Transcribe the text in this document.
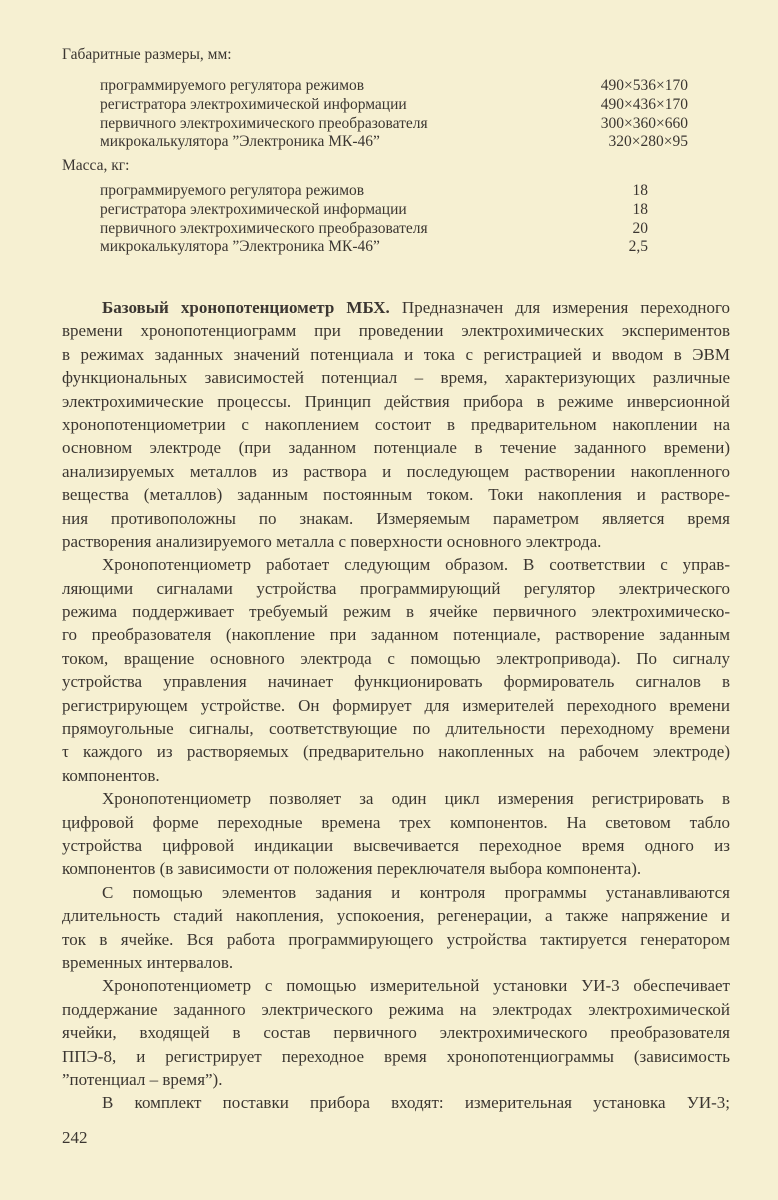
Габаритные размеры, мм:
Масса, кг:
программируемого регулятора режимов	490×536×170
регистратора электрохимической информации	490×436×170
первичного электрохимического преобразователя	300×360×660
микрокалькулятора ”Электроника МК-46”	320×280×95
программируемого регулятора режимов	18
регистратора электрохимической информации	18
первичного электрохимического преобразователя	20
микрокалькулятора ”Электроника МК-46”	2,5
Базовый хронопотенциометр МБХ. Предназначен для измерения переходного
времени хронопотенциограмм при проведении электрохимических экспериментов
в режимах заданных значений потенциала и тока с регистрацией и вводом в ЭВМ
функциональных зависимостей потенциал – время, характеризующих различные
электрохимические процессы. Принцип действия прибора в режиме инверсионной
хронопотенциометрии с накоплением состоит в предварительном накоплении на
основном электроде (при заданном потенциале в течение заданного времени)
анализируемых металлов из раствора и последующем растворении накопленного
вещества (металлов) заданным постоянным током. Токи накопления и растворе-
ния противоположны по знакам. Измеряемым параметром является время
растворения анализируемого металла с поверхности основного электрода.
Хронопотенциометр работает следующим образом. В соответствии с управ-
ляющими сигналами устройства программирующий регулятор электрического
режима поддерживает требуемый режим в ячейке первичного электрохимическо-
го преобразователя (накопление при заданном потенциале, растворение заданным
током, вращение основного электрода с помощью электропривода). По сигналу
устройства управления начинает функционировать формирователь сигналов в
регистрирующем устройстве. Он формирует для измерителей переходного времени
прямоугольные сигналы, соответствующие по длительности переходному времени
τ каждого из растворяемых (предварительно накопленных на рабочем электроде)
компонентов.
Хронопотенциометр позволяет за один цикл измерения регистрировать в
цифровой форме переходные времена трех компонентов. На световом табло
устройства цифровой индикации высвечивается переходное время одного из
компонентов (в зависимости от положения переключателя выбора компонента).
С помощью элементов задания и контроля программы устанавливаются
длительность стадий накопления, успокоения, регенерации, а также напряжение и
ток в ячейке. Вся работа программирующего устройства тактируется генератором
временных интервалов.
Хронопотенциометр с помощью измерительной установки УИ-3 обеспечивает
поддержание заданного электрического режима на электродах электрохимической
ячейки, входящей в состав первичного электрохимического преобразователя
ППЭ-8, и регистрирует переходное время хронопотенциограммы (зависимость
”потенциал – время”).
В комплект поставки прибора входят: измерительная установка УИ-3;
242
